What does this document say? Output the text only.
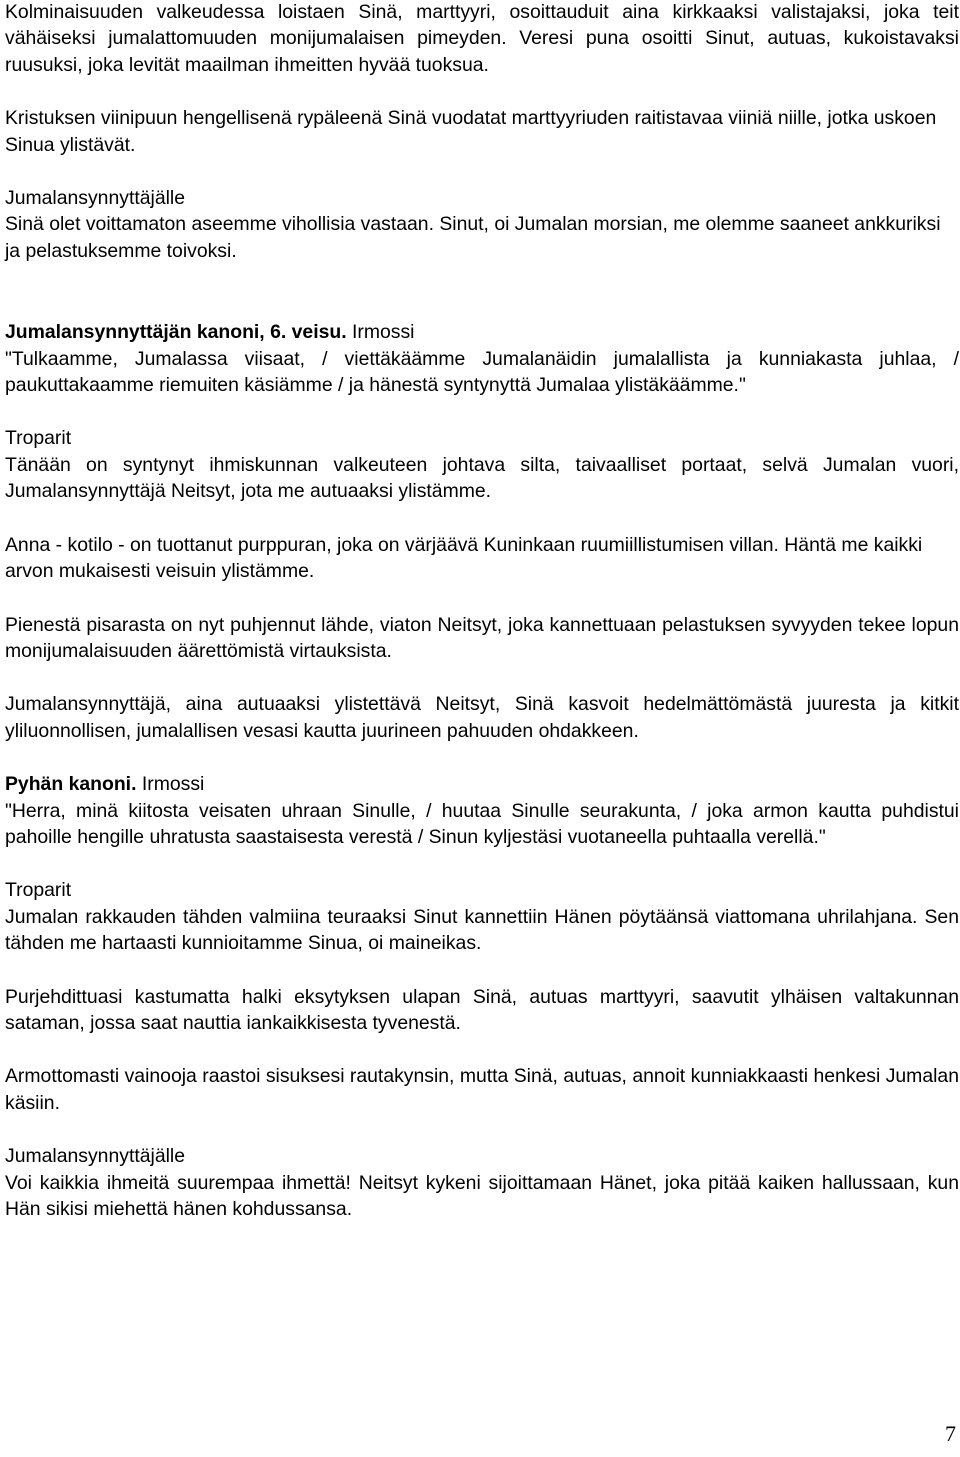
Kolminaisuuden valkeudessa loistaen Sinä, marttyyri, osoittauduit aina kirkkaaksi valistajaksi, joka teit vähäiseksi jumalattomuuden monijumalaisen pimeyden. Veresi puna osoitti Sinut, autuas, kukoistavaksi ruusuksi, joka levität maailman ihmeitten hyvää tuoksua.

Kristuksen viinipuun hengellisenä rypäleenä Sinä vuodatat marttyyriuden raitistavaa viiniä niille, jotka uskoen Sinua ylistävät.

Jumalansynnyttäjälle
Sinä olet voittamaton aseemme vihollisia vastaan. Sinut, oi Jumalan morsian, me olemme saaneet ankkuriksi ja pelastuksemme toivoksi.
Jumalansynnyttäjän kanoni, 6. veisu. Irmossi
"Tulkaamme, Jumalassa viisaat, / viettäkäämme Jumalanäidin jumalallista ja kunniakasta juhlaa, / paukuttakaamme riemuiten käsiämme / ja hänestä syntynyttä Jumalaa ylistäkäämme."
Troparit
Tänään on syntynyt ihmiskunnan valkeuteen johtava silta, taivaalliset portaat, selvä Jumalan vuori, Jumalansynnyttäjä Neitsyt, jota me autuaaksi ylistämme.

Anna - kotilo - on tuottanut purppuran, joka on värjäävä Kuninkaan ruumiillistumisen villan. Häntä me kaikki arvon mukaisesti veisuin ylistämme.

Pienestä pisarasta on nyt puhjennut lähde, viaton Neitsyt, joka kannettuaan pelastuksen syvyyden tekee lopun monijumalaisuuden äärettömistä virtauksista.

Jumalansynnyttäjä, aina autuaaksi ylistettävä Neitsyt, Sinä kasvoit hedelmättömästä juuresta ja kitkit yliluonnollisen, jumalallisen vesasi kautta juurineen pahuuden ohdakkeen.

Pyhän kanoni. Irmossi
"Herra, minä kiitosta veisaten uhraan Sinulle, / huutaa Sinulle seurakunta, / joka armon kautta puhdistui pahoille hengille uhratusta saastaisesta verestä / Sinun kyljestäsi vuotaneella puhtaalla verellä."
Troparit
Jumalan rakkauden tähden valmiina teuraaksi Sinut kannettiin Hänen pöytäänsä viattomana uhrilahjana. Sen tähden me hartaasti kunnioitamme Sinua, oi maineikas.

Purjehdittuasi kastumatta halki eksytyksen ulapan Sinä, autuas marttyyri, saavutit ylhäisen valtakunnan sataman, jossa saat nauttia iankaikkisesta tyvenestä.

Armottomasti vainooja raastoi sisuksesi rautakynsin, mutta Sinä, autuas, annoit kunniakkaasti henkesi Jumalan käsiin.

Jumalansynnyttäjälle
Voi kaikkia ihmeitä suurempaa ihmettä! Neitsyt kykeni sijoittamaan Hänet, joka pitää kaiken hallussaan, kun Hän sikisi miehettä hänen kohdussansa.
7
